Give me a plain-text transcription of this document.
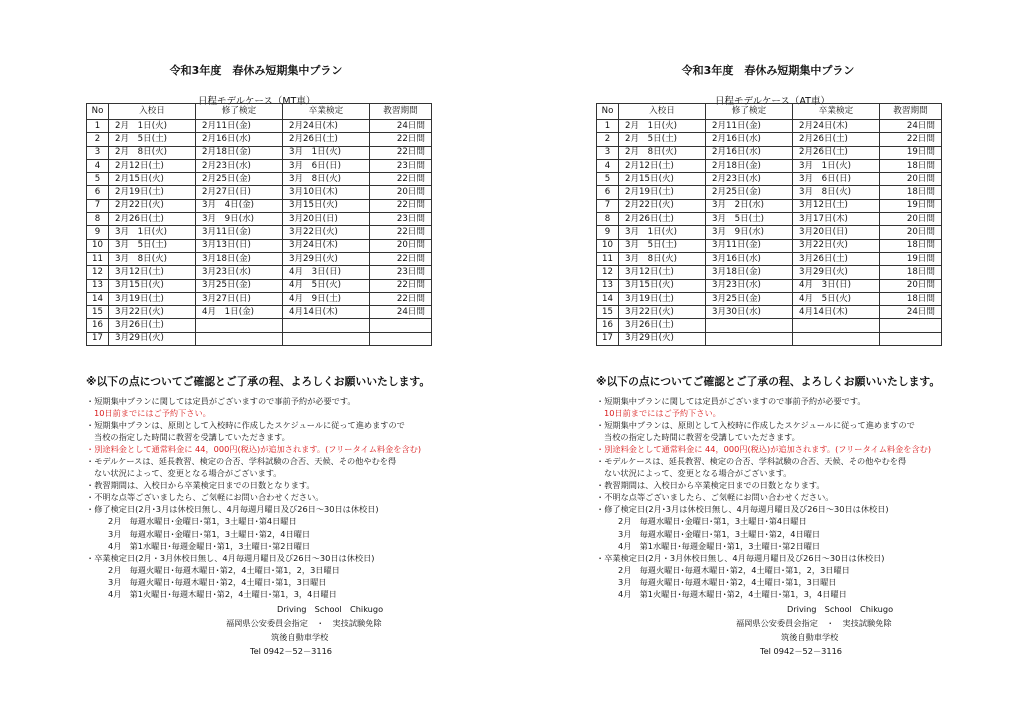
令和3年度　春休み短期集中プラン
日程モデルケース（MT車）
No	入校日	修了検定	卒業検定	教習期間
1	2月　1日(火)	2月11日(金)	2月24日(木)	24日間
2	2月　5日(土)	2月16日(水)	2月26日(土)	22日間
3	2月　8日(火)	2月18日(金)	3月　1日(火)	22日間
4	2月12日(土)	2月23日(水)	3月　6日(日)	23日間
5	2月15日(火)	2月25日(金)	3月　8日(火)	22日間
6	2月19日(土)	2月27日(日)	3月10日(木)	20日間
7	2月22日(火)	3月　4日(金)	3月15日(火)	22日間
8	2月26日(土)	3月　9日(水)	3月20日(日)	23日間
9	3月　1日(火)	3月11日(金)	3月22日(火)	22日間
10	3月　5日(土)	3月13日(日)	3月24日(木)	20日間
11	3月　8日(火)	3月18日(金)	3月29日(火)	22日間
12	3月12日(土)	3月23日(水)	4月　3日(日)	23日間
13	3月15日(火)	3月25日(金)	4月　5日(火)	22日間
14	3月19日(土)	3月27日(日)	4月　9日(土)	22日間
15	3月22日(火)	4月　1日(金)	4月14日(木)	24日間
16	3月26日(土)			
17	3月29日(火)			
※以下の点についてご確認とご了承の程、よろしくお願いいたします。
・短期集中プランに関しては定員がございますので事前予約が必要です。
10日前までにはご予約下さい。
・短期集中プランは、原則として入校時に作成したスケジュールに従って進めますので
当校の指定した時間に教習を受講していただきます。
・別途料金として通常料金に 44，000円(税込)が追加されます。(フリータイム料金を含む)
・モデルケースは、延長教習、検定の合否、学科試験の合否、天候、その他やむを得
ない状況によって、変更となる場合がございます。
・教習期間は、入校日から卒業検定日までの日数となります。
・不明な点等ございましたら、ご気軽にお問い合わせください。
・修了検定日(2月･3月は休校日無し、4月毎週月曜日及び26日～30日は休校日)
2月　毎週水曜日･金曜日･第1，3土曜日･第4日曜日
3月　毎週水曜日･金曜日･第1，3土曜日･第2，4日曜日
4月　第1水曜日･毎週金曜日･第1，3土曜日･第2日曜日
・卒業検定日(2月・3月休校日無し、4月毎週月曜日及び26日～30日は休校日)
2月　毎週火曜日･毎週木曜日･第2，4土曜日･第1，2，3日曜日
3月　毎週火曜日･毎週木曜日･第2，4土曜日･第1，3日曜日
4月　第1火曜日･毎週木曜日･第2，4土曜日･第1，3，4日曜日
Driving　School　Chikugo
福岡県公安委員会指定　・　実技試験免除
筑後自動車学校
Tel 0942－52－3116
令和3年度　春休み短期集中プラン
日程モデルケース（AT車）
No	入校日	修了検定	卒業検定	教習期間
1	2月　1日(火)	2月11日(金)	2月24日(木)	24日間
2	2月　5日(土)	2月16日(水)	2月26日(土)	22日間
3	2月　8日(火)	2月16日(水)	2月26日(土)	19日間
4	2月12日(土)	2月18日(金)	3月　1日(火)	18日間
5	2月15日(火)	2月23日(水)	3月　6日(日)	20日間
6	2月19日(土)	2月25日(金)	3月　8日(火)	18日間
7	2月22日(火)	3月　2日(水)	3月12日(土)	19日間
8	2月26日(土)	3月　5日(土)	3月17日(木)	20日間
9	3月　1日(火)	3月　9日(水)	3月20日(日)	20日間
10	3月　5日(土)	3月11日(金)	3月22日(火)	18日間
11	3月　8日(火)	3月16日(水)	3月26日(土)	19日間
12	3月12日(土)	3月18日(金)	3月29日(火)	18日間
13	3月15日(火)	3月23日(水)	4月　3日(日)	20日間
14	3月19日(土)	3月25日(金)	4月　5日(火)	18日間
15	3月22日(火)	3月30日(水)	4月14日(木)	24日間
16	3月26日(土)			
17	3月29日(火)			
※以下の点についてご確認とご了承の程、よろしくお願いいたします。
・短期集中プランに関しては定員がございますので事前予約が必要です。
10日前までにはご予約下さい。
・短期集中プランは、原則として入校時に作成したスケジュールに従って進めますので
当校の指定した時間に教習を受講していただきます。
・別途料金として通常料金に 44，000円(税込)が追加されます。(フリータイム料金を含む)
・モデルケースは、延長教習、検定の合否、学科試験の合否、天候、その他やむを得
ない状況によって、変更となる場合がございます。
・教習期間は、入校日から卒業検定日までの日数となります。
・不明な点等ございましたら、ご気軽にお問い合わせください。
・修了検定日(2月･3月は休校日無し、4月毎週月曜日及び26日～30日は休校日)
2月　毎週水曜日･金曜日･第1，3土曜日･第4日曜日
3月　毎週水曜日･金曜日･第1，3土曜日･第2，4日曜日
4月　第1水曜日･毎週金曜日･第1，3土曜日･第2日曜日
・卒業検定日(2月・3月休校日無し、4月毎週月曜日及び26日～30日は休校日)
2月　毎週火曜日･毎週木曜日･第2，4土曜日･第1，2，3日曜日
3月　毎週火曜日･毎週木曜日･第2，4土曜日･第1，3日曜日
4月　第1火曜日･毎週木曜日･第2，4土曜日･第1，3，4日曜日
Driving　School　Chikugo
福岡県公安委員会指定　・　実技試験免除
筑後自動車学校
Tel 0942－52－3116
